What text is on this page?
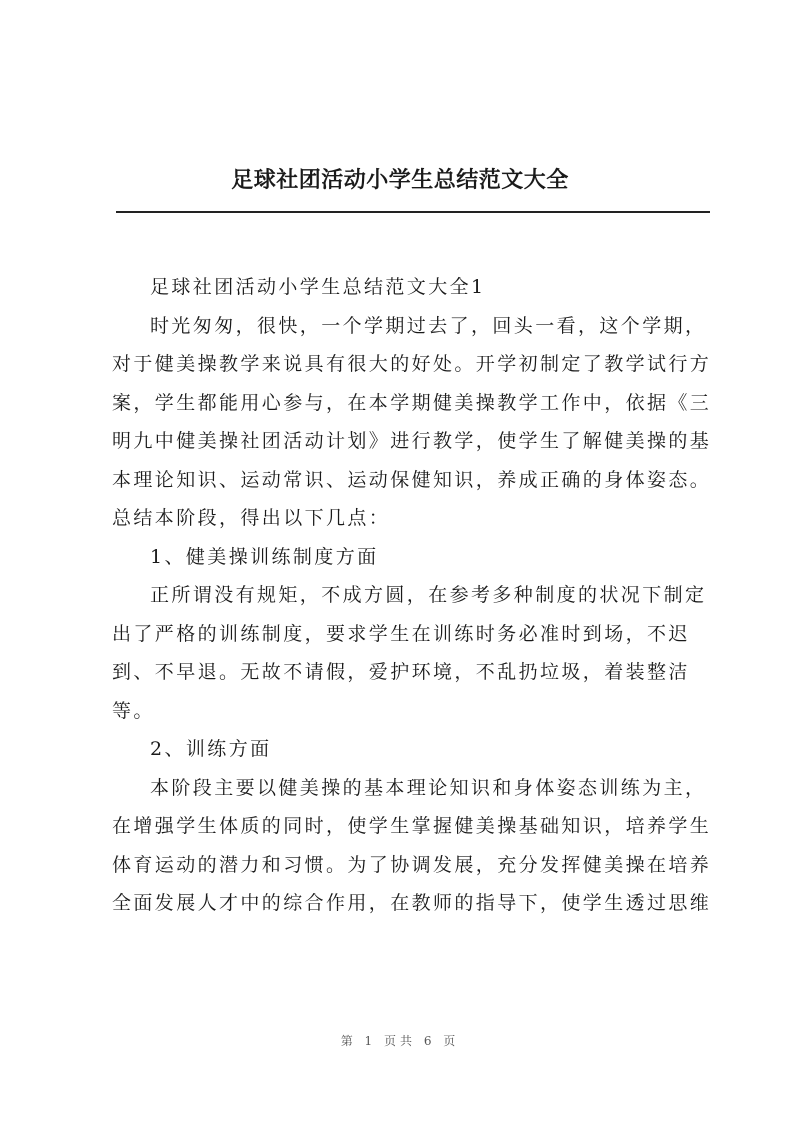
足球社团活动小学生总结范文大全
足球社团活动小学生总结范文大全1
时光匆匆，很快，一个学期过去了，回头一看，这个学期，
对于健美操教学来说具有很大的好处。开学初制定了教学试行方
案，学生都能用心参与，在本学期健美操教学工作中，依据《三
明九中健美操社团活动计划》进行教学，使学生了解健美操的基
本理论知识、运动常识、运动保健知识，养成正确的身体姿态。
总结本阶段，得出以下几点：
1、健美操训练制度方面
正所谓没有规矩，不成方圆，在参考多种制度的状况下制定
出了严格的训练制度，要求学生在训练时务必准时到场，不迟
到、不早退。无故不请假，爱护环境，不乱扔垃圾，着装整洁
等。
2、训练方面
本阶段主要以健美操的基本理论知识和身体姿态训练为主，
在增强学生体质的同时，使学生掌握健美操基础知识，培养学生
体育运动的潜力和习惯。为了协调发展，充分发挥健美操在培养
全面发展人才中的综合作用，在教师的指导下，使学生透过思维
第 1 页共 6 页
